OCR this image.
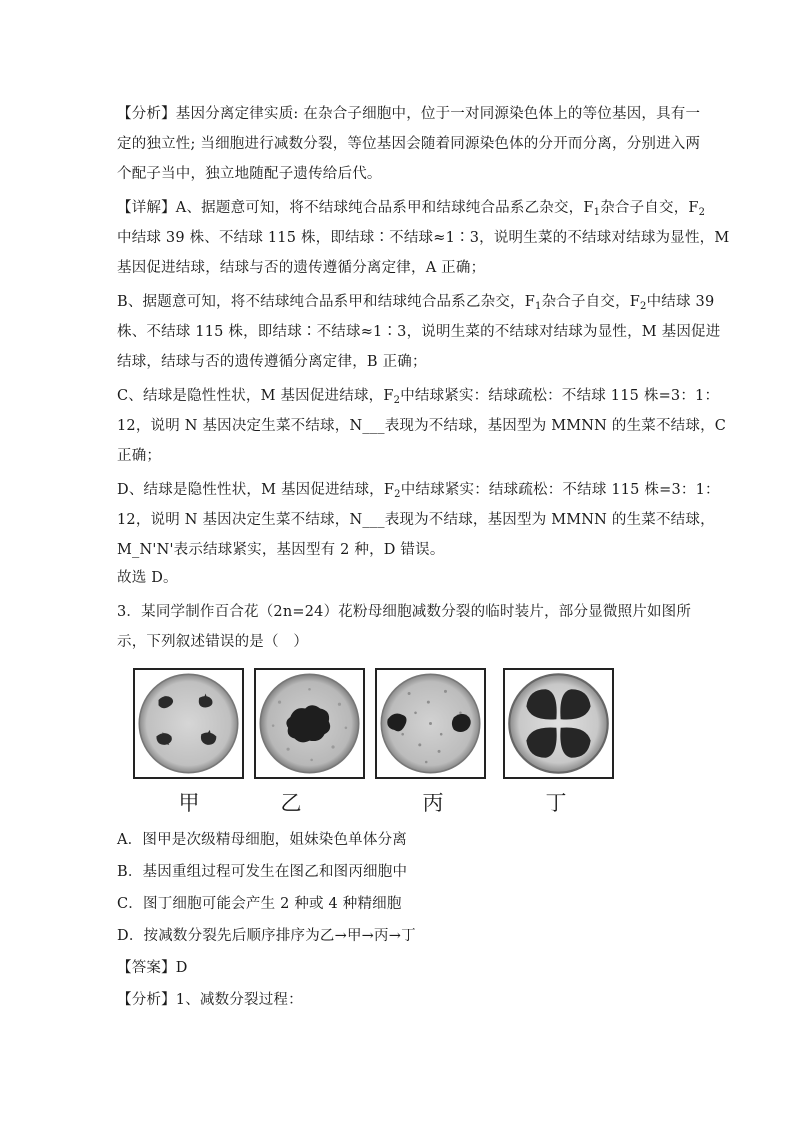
【分析】基因分离定律实质: 在杂合子细胞中，位于一对同源染色体上的等位基因，具有一
定的独立性; 当细胞进行减数分裂，等位基因会随着同源染色体的分开而分离，分别进入两
个配子当中，独立地随配子遗传给后代。
【详解】A、据题意可知，将不结球纯合品系甲和结球纯合品系乙杂交，$F_1$杂合子自交，$F_2$
中结球 39 株、不结球 115 株，即结球∶不结球≈1∶3，说明生菜的不结球对结球为显性，M
基因促进结球，结球与否的遗传遵循分离定律，A 正确；
B、据题意可知，将不结球纯合品系甲和结球纯合品系乙杂交，$F_1$杂合子自交，$F_2$中结球 39
株、不结球 115 株，即结球∶不结球≈1∶3，说明生菜的不结球对结球为显性，M 基因促进
结球，结球与否的遗传遵循分离定律，B 正确；
C、结球是隐性性状，M 基因促进结球，$F_2$中结球紧实：结球疏松：不结球 115 株=3：1：
12，说明 N 基因决定生菜不结球，N___表现为不结球，基因型为 MMNN 的生菜不结球，C
正确；
D、结球是隐性性状，M 基因促进结球，$F_2$中结球紧实：结球疏松：不结球 115 株=3：1：
12，说明 N 基因决定生菜不结球，N___表现为不结球，基因型为 MMNN 的生菜不结球，
M_N'N'表示结球紧实，基因型有 2 种，D 错误。
故选 D。
3．某同学制作百合花（2n=24）花粉母细胞减数分裂的临时装片，部分显微照片如图所
示，下列叙述错误的是（　）
甲	乙	丙	丁
A．图甲是次级精母细胞，姐妹染色单体分离
B．基因重组过程可发生在图乙和图丙细胞中
C．图丁细胞可能会产生 2 种或 4 种精细胞
D．按减数分裂先后顺序排序为乙→甲→丙→丁
【答案】D
【分析】1、减数分裂过程：
